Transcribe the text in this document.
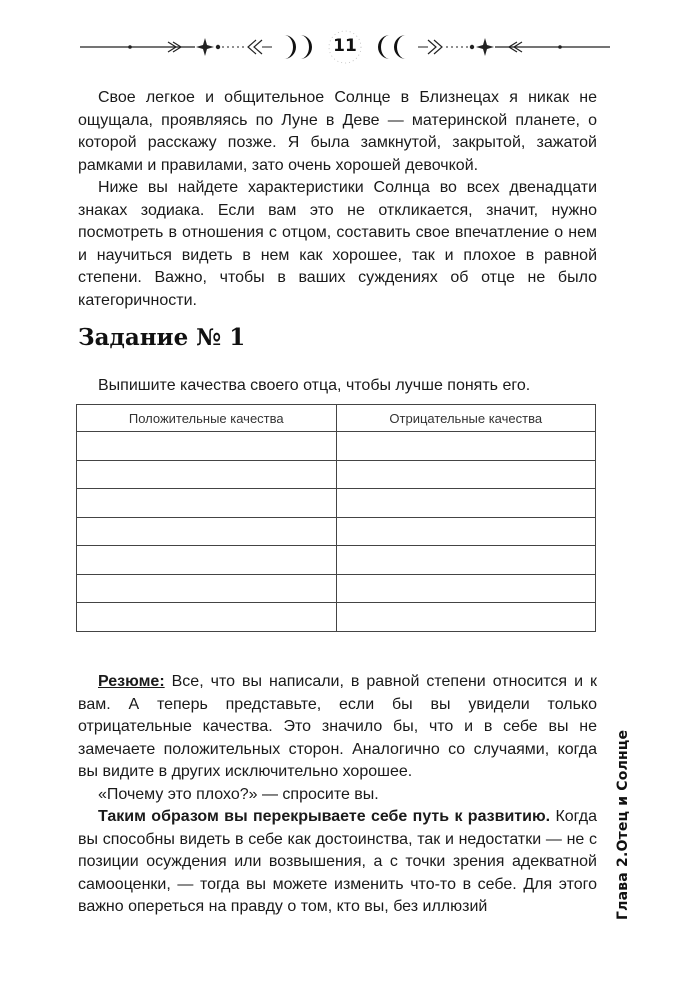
11

Свое легкое и общительное Солнце в Близнецах я никак не ощущала, проявляясь по Луне в Деве — материнской планете, о которой расскажу позже. Я была замкнутой, закрытой, зажатой рамками и правилами, зато очень хорошей девочкой.

Ниже вы найдете характеристики Солнца во всех двенадцати знаках зодиака. Если вам это не откликается, значит, нужно посмотреть в отношения с отцом, составить свое впечатление о нем и научиться видеть в нем как хорошее, так и плохое в равной степени. Важно, чтобы в ваших суждениях об отце не было категоричности.

Задание № 1
Выпишите качества своего отца, чтобы лучше понять его.
Положительные качества	Отрицательные качества

Резюме: Все, что вы написали, в равной степени относится и к вам. А теперь представьте, если бы вы увидели только отрицательные качества. Это значило бы, что и в себе вы не замечаете положительных сторон. Аналогично со случаями, когда вы видите в других исключительно хорошее.

«Почему это плохо?» — спросите вы.

Таким образом вы перекрываете себе путь к развитию. Когда вы способны видеть в себе как достоинства, так и недостатки — не с позиции осуждения или возвышения, а с точки зрения адекватной самооценки, — тогда вы можете изменить что-то в себе. Для этого важно опереться на правду о том, кто вы, без иллюзий	Глава 2.Отец и Солнце
